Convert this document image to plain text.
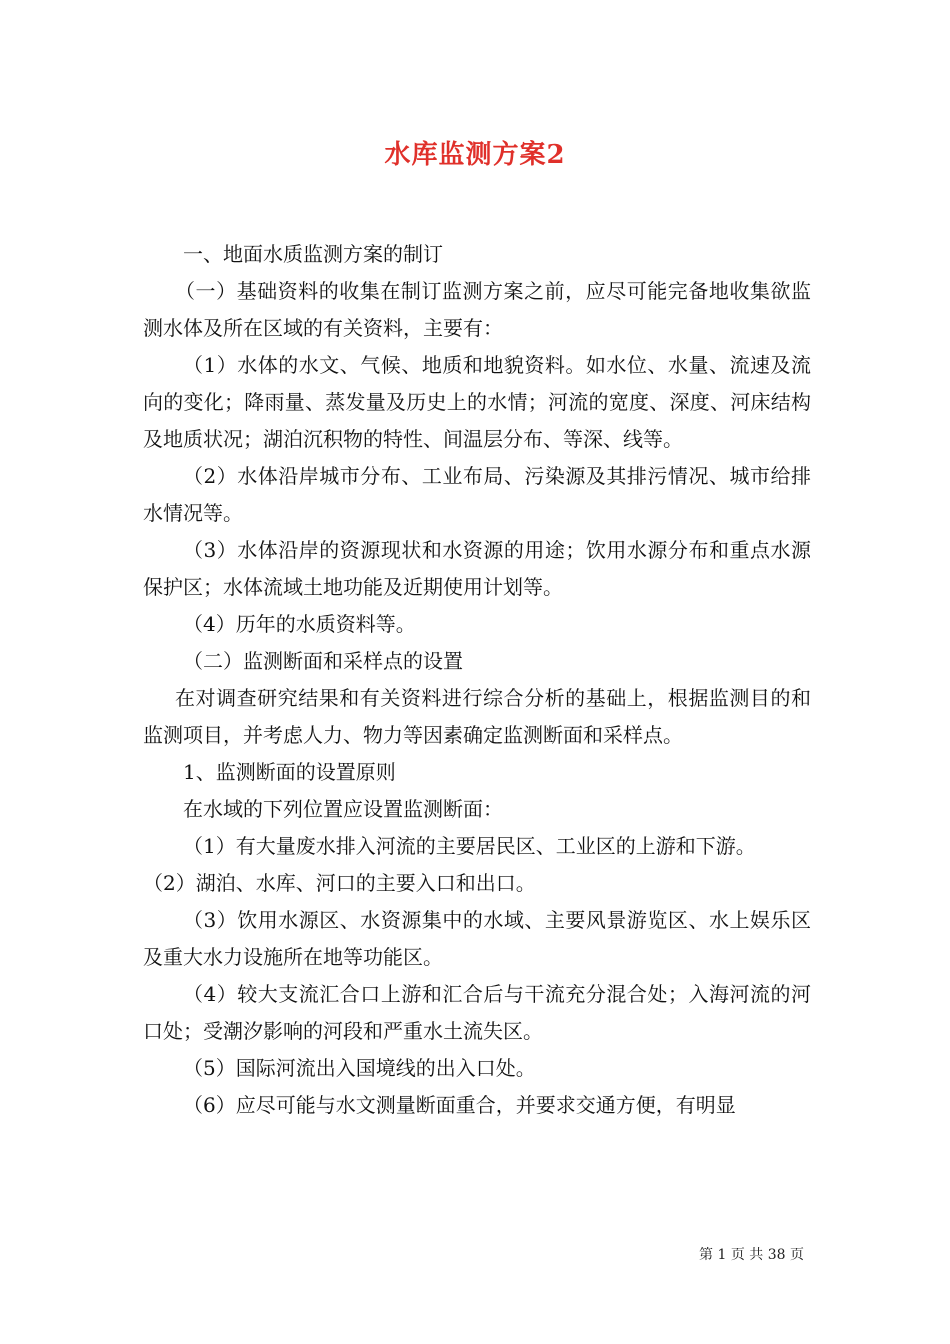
水库监测方案2

一、地面水质监测方案的制订

（一）基础资料的收集在制订监测方案之前，应尽可能完备地收集欲监测水体及所在区域的有关资料，主要有：

（1）水体的水文、气候、地质和地貌资料。如水位、水量、流速及流向的变化；降雨量、蒸发量及历史上的水情；河流的宽度、深度、河床结构及地质状况；湖泊沉积物的特性、间温层分布、等深、线等。

（2）水体沿岸城市分布、工业布局、污染源及其排污情况、城市给排水情况等。

（3）水体沿岸的资源现状和水资源的用途；饮用水源分布和重点水源保护区；水体流域土地功能及近期使用计划等。

（4）历年的水质资料等。

（二）监测断面和采样点的设置

在对调查研究结果和有关资料进行综合分析的基础上，根据监测目的和监测项目，并考虑人力、物力等因素确定监测断面和采样点。

1、监测断面的设置原则

在水域的下列位置应设置监测断面：

（1）有大量废水排入河流的主要居民区、工业区的上游和下游。

（2）湖泊、水库、河口的主要入口和出口。

（3）饮用水源区、水资源集中的水域、主要风景游览区、水上娱乐区及重大水力设施所在地等功能区。

（4）较大支流汇合口上游和汇合后与干流充分混合处；入海河流的河口处；受潮汐影响的河段和严重水土流失区。

（5）国际河流出入国境线的出入口处。

（6）应尽可能与水文测量断面重合，并要求交通方便，有明显

第 1 页 共 38 页
